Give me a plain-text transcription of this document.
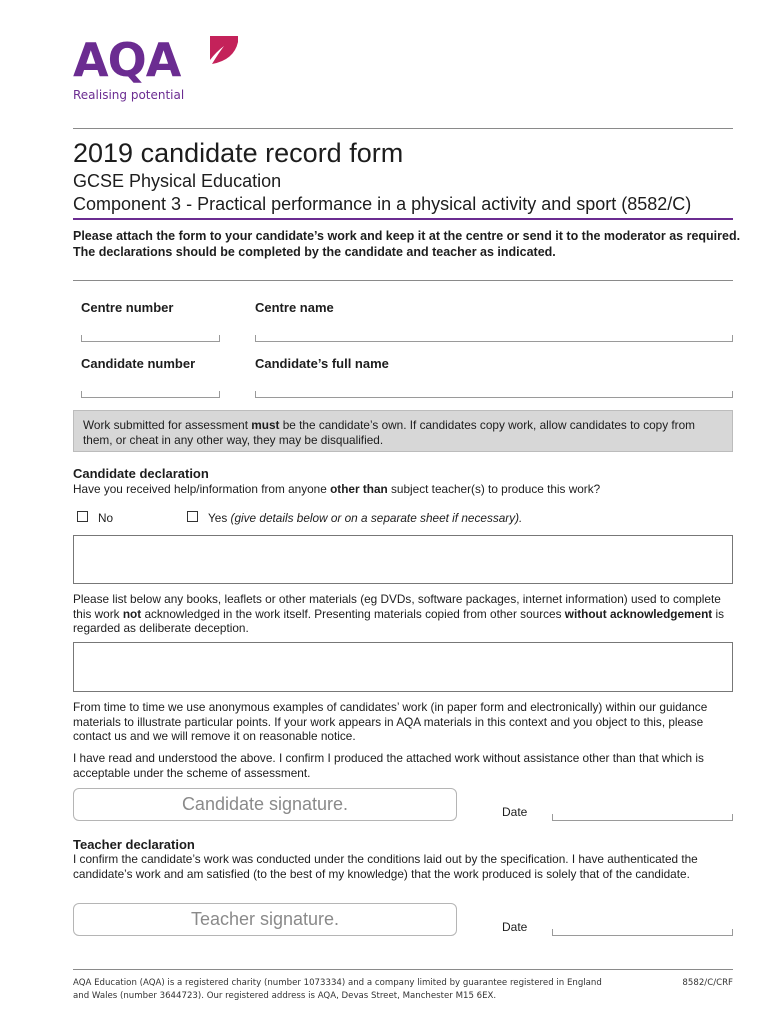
AQA
Realising potential
2019 candidate record form
GCSE Physical Education
Component 3 - Practical performance in a physical activity and sport (8582/C)
Please attach the form to your candidate’s work and keep it at the centre or send it to the moderator as required. The declarations should be completed by the candidate and teacher as indicated.
Centre number	Centre name
Candidate number	Candidate’s full name
Work submitted for assessment must be the candidate’s own. If candidates copy work, allow candidates to copy from them, or cheat in any other way, they may be disqualified.
Candidate declaration
Have you received help/information from anyone other than subject teacher(s) to produce this work?
No	Yes (give details below or on a separate sheet if necessary).
Please list below any books, leaflets or other materials (eg DVDs, software packages, internet information) used to complete this work not acknowledged in the work itself. Presenting materials copied from other sources without acknowledgement is regarded as deliberate deception.
From time to time we use anonymous examples of candidates’ work (in paper form and electronically) within our guidance materials to illustrate particular points. If your work appears in AQA materials in this context and you object to this, please contact us and we will remove it on reasonable notice.
I have read and understood the above. I confirm I produced the attached work without assistance other than that which is acceptable under the scheme of assessment.
Candidate signature.	Date
Teacher declaration
I confirm the candidate’s work was conducted under the conditions laid out by the specification. I have authenticated the candidate’s work and am satisfied (to the best of my knowledge) that the work produced is solely that of the candidate.
Teacher signature.	Date
AQA Education (AQA) is a registered charity (number 1073334) and a company limited by guarantee registered in England and Wales (number 3644723). Our registered address is AQA, Devas Street, Manchester M15 6EX.
8582/C/CRF
